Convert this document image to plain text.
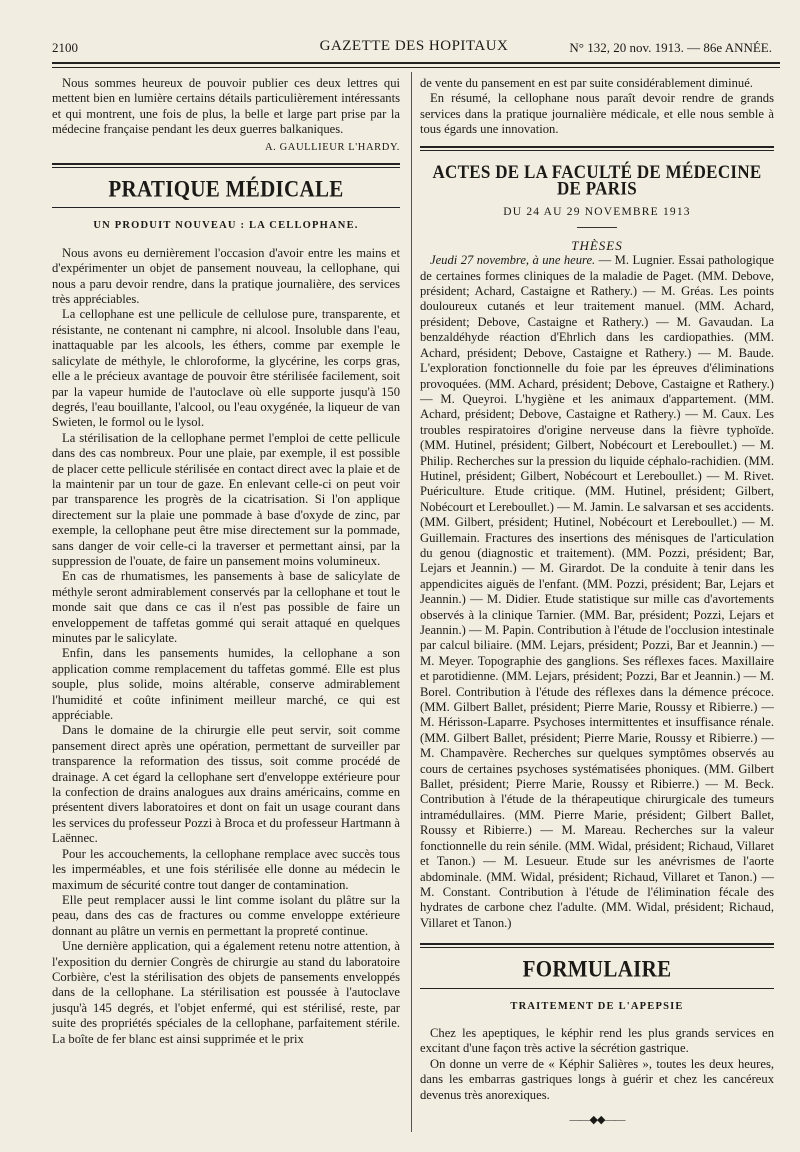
2100	GAZETTE DES HOPITAUX	N° 132, 20 nov. 1913. — 86e ANNÉE.

Nous sommes heureux de pouvoir publier ces deux lettres qui mettent bien en lumière certains détails particulièrement intéressants et qui montrent, une fois de plus, la belle et large part prise par la médecine française pendant les deux guerres balkaniques.

A. GAULLIEUR L'HARDY.
PRATIQUE MÉDICALE
UN PRODUIT NOUVEAU : LA CELLOPHANE.

Nous avons eu dernièrement l'occasion d'avoir entre les mains et d'expérimenter un objet de pansement nouveau, la cellophane, qui nous a paru devoir rendre, dans la pratique journalière, des services très appréciables.

La cellophane est une pellicule de cellulose pure, transparente, et résistante, ne contenant ni camphre, ni alcool. Insoluble dans l'eau, inattaquable par les alcools, les éthers, comme par exemple le salicylate de méthyle, le chloroforme, la glycérine, les corps gras, elle a le précieux avantage de pouvoir être stérilisée facilement, soit par la vapeur humide de l'autoclave où elle supporte jusqu'à 150 degrés, l'eau bouillante, l'alcool, ou l'eau oxygénée, la liqueur de van Swieten, le formol ou le lysol.

La stérilisation de la cellophane permet l'emploi de cette pellicule dans des cas nombreux. Pour une plaie, par exemple, il est possible de placer cette pellicule stérilisée en contact direct avec la plaie et de la maintenir par un tour de gaze. En enlevant celle-ci on peut voir par transparence les progrès de la cicatrisation. Si l'on applique directement sur la plaie une pommade à base d'oxyde de zinc, par exemple, la cellophane peut être mise directement sur la pommade, sans danger de voir celle-ci la traverser et permettant ainsi, par la suppression de l'ouate, de faire un pansement moins volumineux.

En cas de rhumatismes, les pansements à base de salicylate de méthyle seront admirablement conservés par la cellophane et tout le monde sait que dans ce cas il n'est pas possible de faire un enveloppement de taffetas gommé qui serait attaqué en quelques minutes par le salicylate.

Enfin, dans les pansements humides, la cellophane a son application comme remplacement du taffetas gommé. Elle est plus souple, plus solide, moins altérable, conserve admirablement l'humidité et coûte infiniment meilleur marché, ce qui est appréciable.

Dans le domaine de la chirurgie elle peut servir, soit comme pansement direct après une opération, permettant de surveiller par transparence la reformation des tissus, soit comme procédé de drainage. A cet égard la cellophane sert d'enveloppe extérieure pour la confection de drains analogues aux drains américains, comme en présentent divers laboratoires et dont on fait un usage courant dans les services du professeur Pozzi à Broca et du professeur Hartmann à Laënnec.

Pour les accouchements, la cellophane remplace avec succès tous les imperméables, et une fois stérilisée elle donne au médecin le maximum de sécurité contre tout danger de contamination.

Elle peut remplacer aussi le lint comme isolant du plâtre sur la peau, dans des cas de fractures ou comme enveloppe extérieure donnant au plâtre un vernis en permettant la propreté continue.

Une dernière application, qui a également retenu notre attention, à l'exposition du dernier Congrès de chirurgie au stand du laboratoire Corbière, c'est la stérilisation des objets de pansements enveloppés dans de la cellophane. La stérilisation est poussée à l'autoclave jusqu'à 145 degrés, et l'objet enfermé, qui est stérilisé, reste, par suite des propriétés spéciales de la cellophane, parfaitement stérile. La boîte de fer blanc est ainsi supprimée et le prix

de vente du pansement en est par suite considérablement diminué.

En résumé, la cellophane nous paraît devoir rendre de grands services dans la pratique journalière médicale, et elle nous semble à tous égards une innovation.

ACTES DE LA FACULTÉ DE MÉDECINE DE PARIS
DU 24 AU 29 NOVEMBRE 1913
THÈSES

Jeudi 27 novembre, à une heure. — M. Lugnier. Essai pathologique de certaines formes cliniques de la maladie de Paget. (MM. Debove, président; Achard, Castaigne et Rathery.) — M. Gréas. Les points douloureux cutanés et leur traitement manuel. (MM. Achard, président; Debove, Castaigne et Rathery.) — M. Gavaudan. La benzaldéhyde réaction d'Ehrlich dans les cardiopathies. (MM. Achard, président; Debove, Castaigne et Rathery.) — M. Baude. L'exploration fonctionnelle du foie par les épreuves d'éliminations provoquées. (MM. Achard, président; Debove, Castaigne et Rathery.) — M. Queyroi. L'hygiène et les animaux d'appartement. (MM. Achard, président; Debove, Castaigne et Rathery.) — M. Caux. Les troubles respiratoires d'origine nerveuse dans la fièvre typhoïde. (MM. Hutinel, président; Gilbert, Nobécourt et Lereboullet.) — M. Philip. Recherches sur la pression du liquide céphalo-rachidien. (MM. Hutinel, président; Gilbert, Nobécourt et Lereboullet.) — M. Rivet. Puériculture. Etude critique. (MM. Hutinel, président; Gilbert, Nobécourt et Lereboullet.) — M. Jamin. Le salvarsan et ses accidents. (MM. Gilbert, président; Hutinel, Nobécourt et Lereboullet.) — M. Guillemain. Fractures des insertions des ménisques de l'articulation du genou (diagnostic et traitement). (MM. Pozzi, président; Bar, Lejars et Jeannin.) — M. Girardot. De la conduite à tenir dans les appendicites aiguës de l'enfant. (MM. Pozzi, président; Bar, Lejars et Jeannin.) — M. Didier. Etude statistique sur mille cas d'avortements observés à la clinique Tarnier. (MM. Bar, président; Pozzi, Lejars et Jeannin.) — M. Papin. Contribution à l'étude de l'occlusion intestinale par calcul biliaire. (MM. Lejars, président; Pozzi, Bar et Jeannin.) — M. Meyer. Topographie des ganglions. Ses réflexes faces. Maxillaire et parotidienne. (MM. Lejars, président; Pozzi, Bar et Jeannin.) — M. Borel. Contribution à l'étude des réflexes dans la démence précoce. (MM. Gilbert Ballet, président; Pierre Marie, Roussy et Ribierre.) — M. Hérisson-Laparre. Psychoses intermittentes et insuffisance rénale. (MM. Gilbert Ballet, président; Pierre Marie, Roussy et Ribierre.) — M. Champavère. Recherches sur quelques symptômes observés au cours de certaines psychoses systématisées phoniques. (MM. Gilbert Ballet, président; Pierre Marie, Roussy et Ribierre.) — M. Beck. Contribution à l'étude de la thérapeutique chirurgicale des tumeurs intramédullaires. (MM. Pierre Marie, président; Gilbert Ballet, Roussy et Ribierre.) — M. Mareau. Recherches sur la valeur fonctionnelle du rein sénile. (MM. Widal, président; Richaud, Villaret et Tanon.) — M. Lesueur. Etude sur les anévrismes de l'aorte abdominale. (MM. Widal, président; Richaud, Villaret et Tanon.) — M. Constant. Contribution à l'étude de l'élimination fécale des hydrates de carbone chez l'adulte. (MM. Widal, président; Richaud, Villaret et Tanon.)

FORMULAIRE
TRAITEMENT DE L'APEPSIE

Chez les apeptiques, le képhir rend les plus grands services en excitant d'une façon très active la sécrétion gastrique.

On donne un verre de « Képhir Salières », toutes les deux heures, dans les embarras gastriques longs à guérir et chez les cancéreux devenus très anorexiques.

——◆◆——
